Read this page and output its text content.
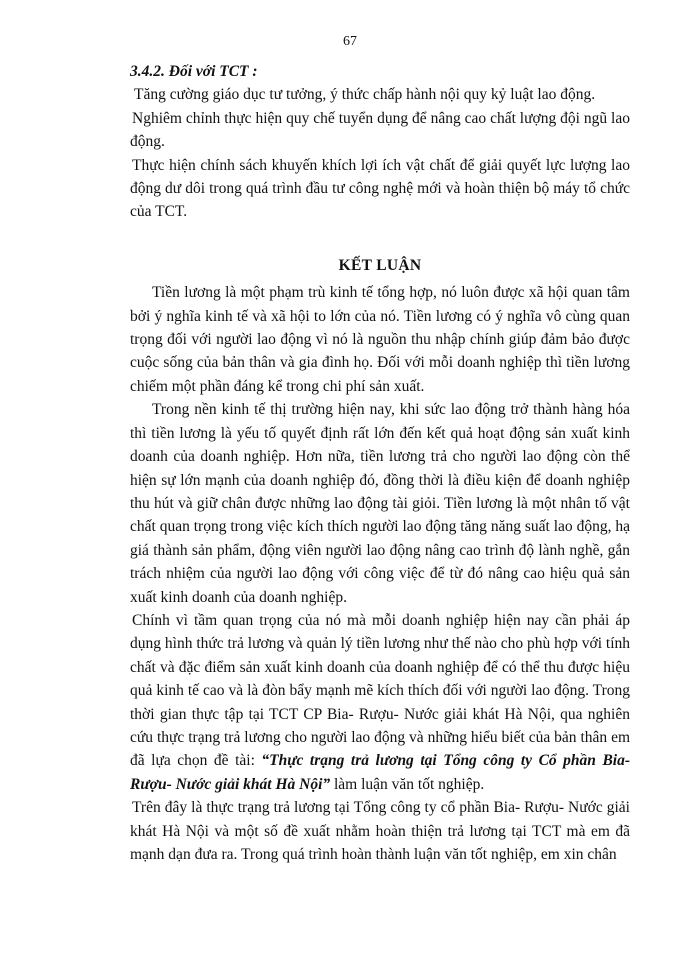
67

3.4.2. Đối với TCT :

Tăng cường giáo dục tư tưởng, ý thức chấp hành nội quy kỷ luật lao động.

Nghiêm chỉnh thực hiện quy chế tuyển dụng để nâng cao chất lượng đội ngũ lao động.

Thực hiện chính sách khuyến khích lợi ích vật chất để giải quyết lực lượng lao động dư dôi trong quá trình đầu tư công nghệ mới và hoàn thiện bộ máy tổ chức của TCT.

KẾT LUẬN

Tiền lương là một phạm trù kinh tế tổng hợp, nó luôn được xã hội quan tâm bởi ý nghĩa kinh tế và xã hội to lớn của nó. Tiền lương có ý nghĩa vô cùng quan trọng đối với người lao động vì nó là nguồn thu nhập chính giúp đảm bảo được cuộc sống của bản thân và gia đình họ. Đối với mỗi doanh nghiệp thì tiền lương chiếm một phần đáng kể trong chi phí sản xuất.

Trong nền kinh tế thị trường hiện nay, khi sức lao động trở thành hàng hóa thì tiền lương là yếu tố quyết định rất lớn đến kết quả hoạt động sản xuất kinh doanh của doanh nghiệp. Hơn nữa, tiền lương trả cho người lao động còn thể hiện sự lớn mạnh của doanh nghiệp đó, đồng thời là điều kiện để doanh nghiệp thu hút và giữ chân được những lao động tài giỏi. Tiền lương là một nhân tố vật chất quan trọng trong việc kích thích người lao động tăng năng suất lao động, hạ giá thành sản phẩm, động viên người lao động nâng cao trình độ lành nghề, gắn trách nhiệm của người lao động với công việc để từ đó nâng cao hiệu quả sản xuất kinh doanh của doanh nghiệp.

Chính vì tầm quan trọng của nó mà mỗi doanh nghiệp hiện nay cần phải áp dụng hình thức trả lương và quản lý tiền lương như thế nào cho phù hợp với tính chất và đặc điểm sản xuất kinh doanh của doanh nghiệp để có thể thu được hiệu quả kinh tế cao và là đòn bẩy mạnh mẽ kích thích đối với người lao động. Trong thời gian thực tập tại TCT CP Bia- Rượu- Nước giải khát Hà Nội, qua nghiên cứu thực trạng trả lương cho người lao động và những hiểu biết của bản thân em đã lựa chọn đề tài: “Thực trạng trả lương tại Tổng công ty Cổ phần Bia- Rượu- Nước giải khát Hà Nội” làm luận văn tốt nghiệp.

Trên đây là thực trạng trả lương tại Tổng công ty cổ phần Bia- Rượu- Nước giải khát Hà Nội và một số đề xuất nhằm hoàn thiện trả lương tại TCT mà em đã mạnh dạn đưa ra. Trong quá trình hoàn thành luận văn tốt nghiệp, em xin chân
